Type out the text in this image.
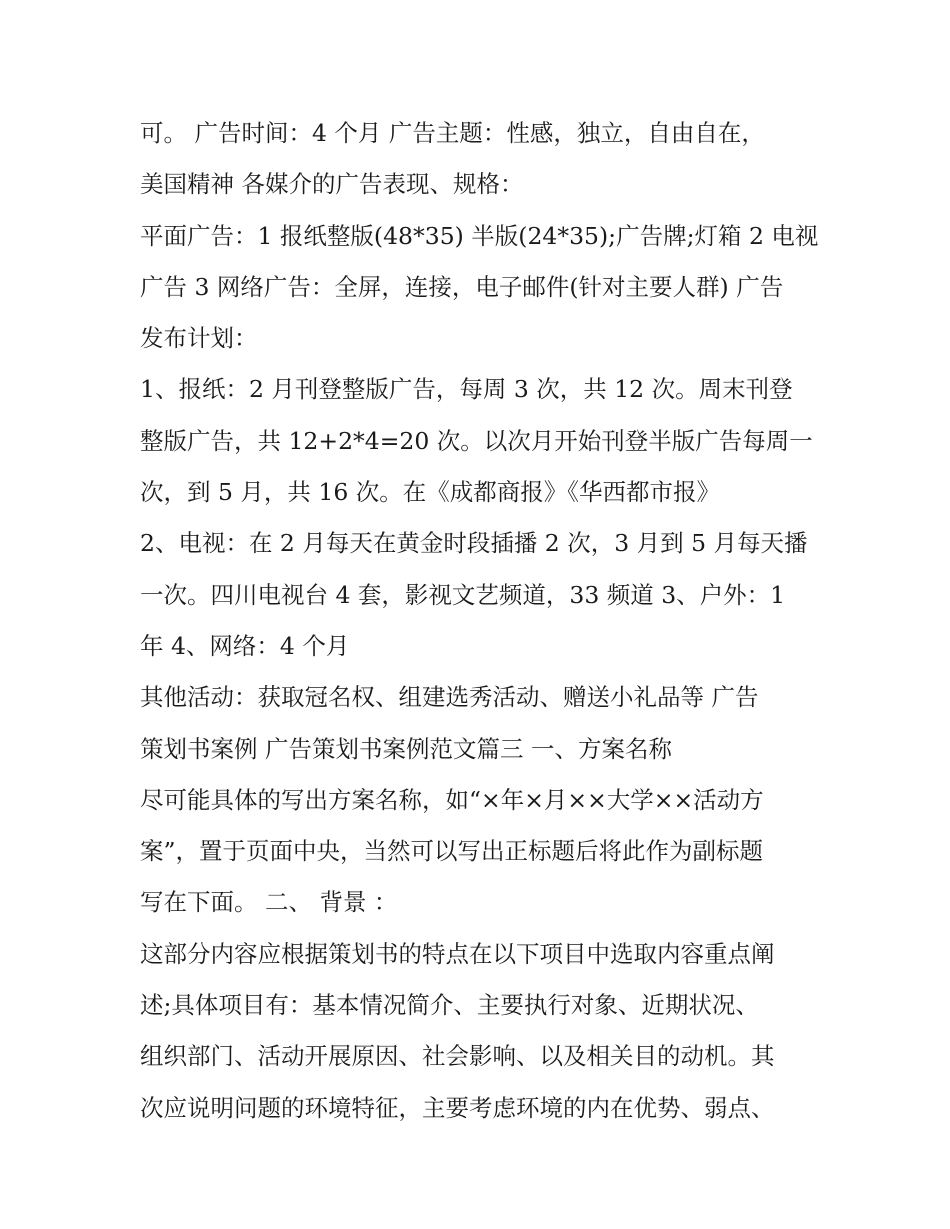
可。 广告时间：4 个月 广告主题：性感，独立，自由自在，
美国精神 各媒介的广告表现、规格：
平面广告：1 报纸整版(48*35) 半版(24*35);广告牌;灯箱 2 电视
广告 3 网络广告：全屏，连接，电子邮件(针对主要人群) 广告
发布计划：
1、报纸：2 月刊登整版广告，每周 3 次，共 12 次。周末刊登
整版广告，共 12+2*4=20 次。以次月开始刊登半版广告每周一
次，到 5 月，共 16 次。在《成都商报》《华西都市报》
2、电视：在 2 月每天在黄金时段插播 2 次，3 月到 5 月每天播
一次。四川电视台 4 套，影视文艺频道，33 频道 3、户外：1
年 4、网络：4 个月
其他活动：获取冠名权、组建选秀活动、赠送小礼品等 广告
策划书案例 广告策划书案例范文篇三 一、方案名称
尽可能具体的写出方案名称，如“×年×月××大学××活动方
案”，置于页面中央，当然可以写出正标题后将此作为副标题
写在下面。 二、 背景 ：
这部分内容应根据策划书的特点在以下项目中选取内容重点阐
述;具体项目有：基本情况简介、主要执行对象、近期状况、
组织部门、活动开展原因、社会影响、以及相关目的动机。其
次应说明问题的环境特征，主要考虑环境的内在优势、弱点、
